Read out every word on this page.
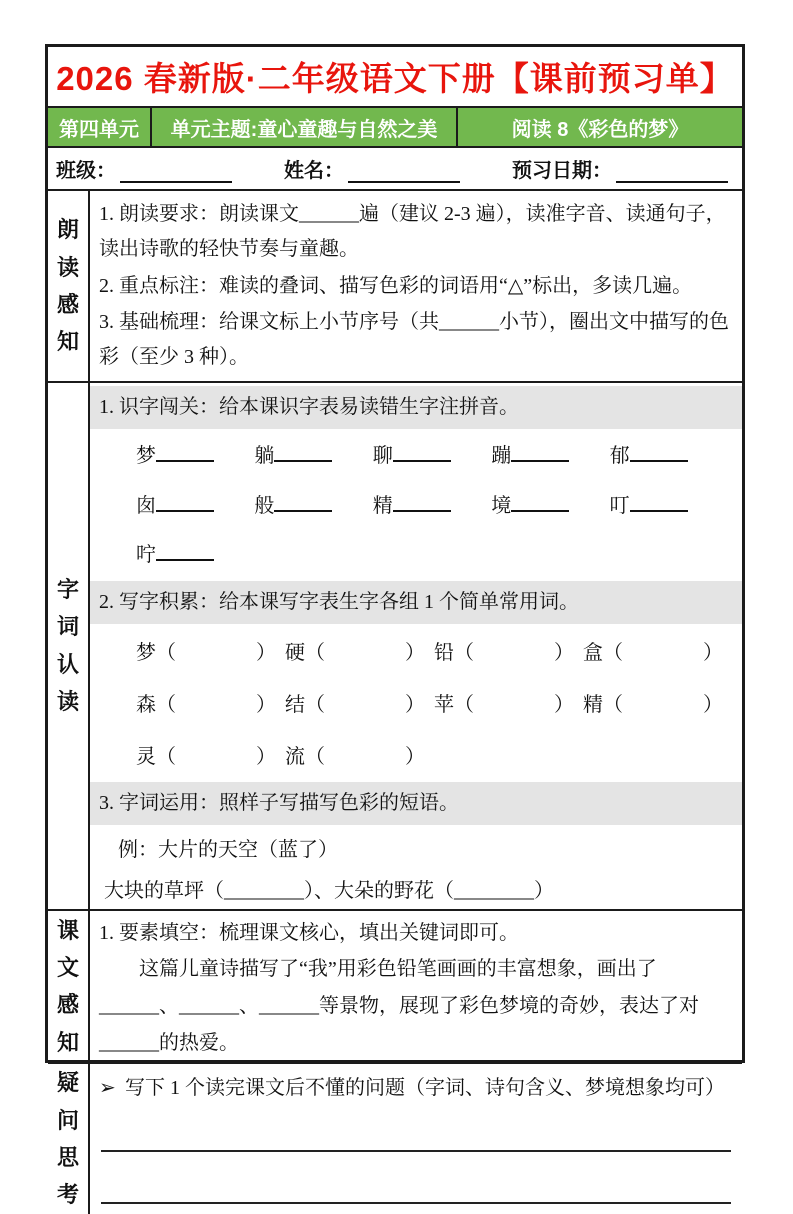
2026 春新版·二年级语文下册【课前预习单】
第四单元	单元主题:童心童趣与自然之美	阅读 8《彩色的梦》
班级：	姓名：	预习日期：
朗读感知

1. 朗读要求：朗读课文______遍（建议 2-3 遍），读准字音、读通句子，读出诗歌的轻快节奏与童趣。

2. 重点标注：难读的叠词、描写色彩的词语用“△”标出，多读几遍。

3. 基础梳理：给课文标上小节序号（共______小节），圈出文中描写的色彩（至少 3 种）。

字词认读
1. 识字闯关：给本课识字表易读错生字注拼音。
梦	躺	聊	蹦	郁
囱	般	精	境	叮
咛
2. 写字积累：给本课写字表生字各组 1 个简单常用词。
梦（　　　　） 硬（　　　　） 铅（　　　　） 盒（　　　　）
森（　　　　） 结（　　　　） 苹（　　　　） 精（　　　　）
灵（　　　　） 流（　　　　）
3. 字词运用：照样子写描写色彩的短语。
例：大片的天空（蓝了）
大块的草坪（________）、大朵的野花（________）
课文感知
1. 要素填空：梳理课文核心，填出关键词即可。

这篇儿童诗描写了“我”用彩色铅笔画画的丰富想象，画出了______、______、______等景物，展现了彩色梦境的奇妙，表达了对______的热爱。

疑问思考
➢ 写下 1 个读完课文后不懂的问题（字词、诗句含义、梦境想象均可）
